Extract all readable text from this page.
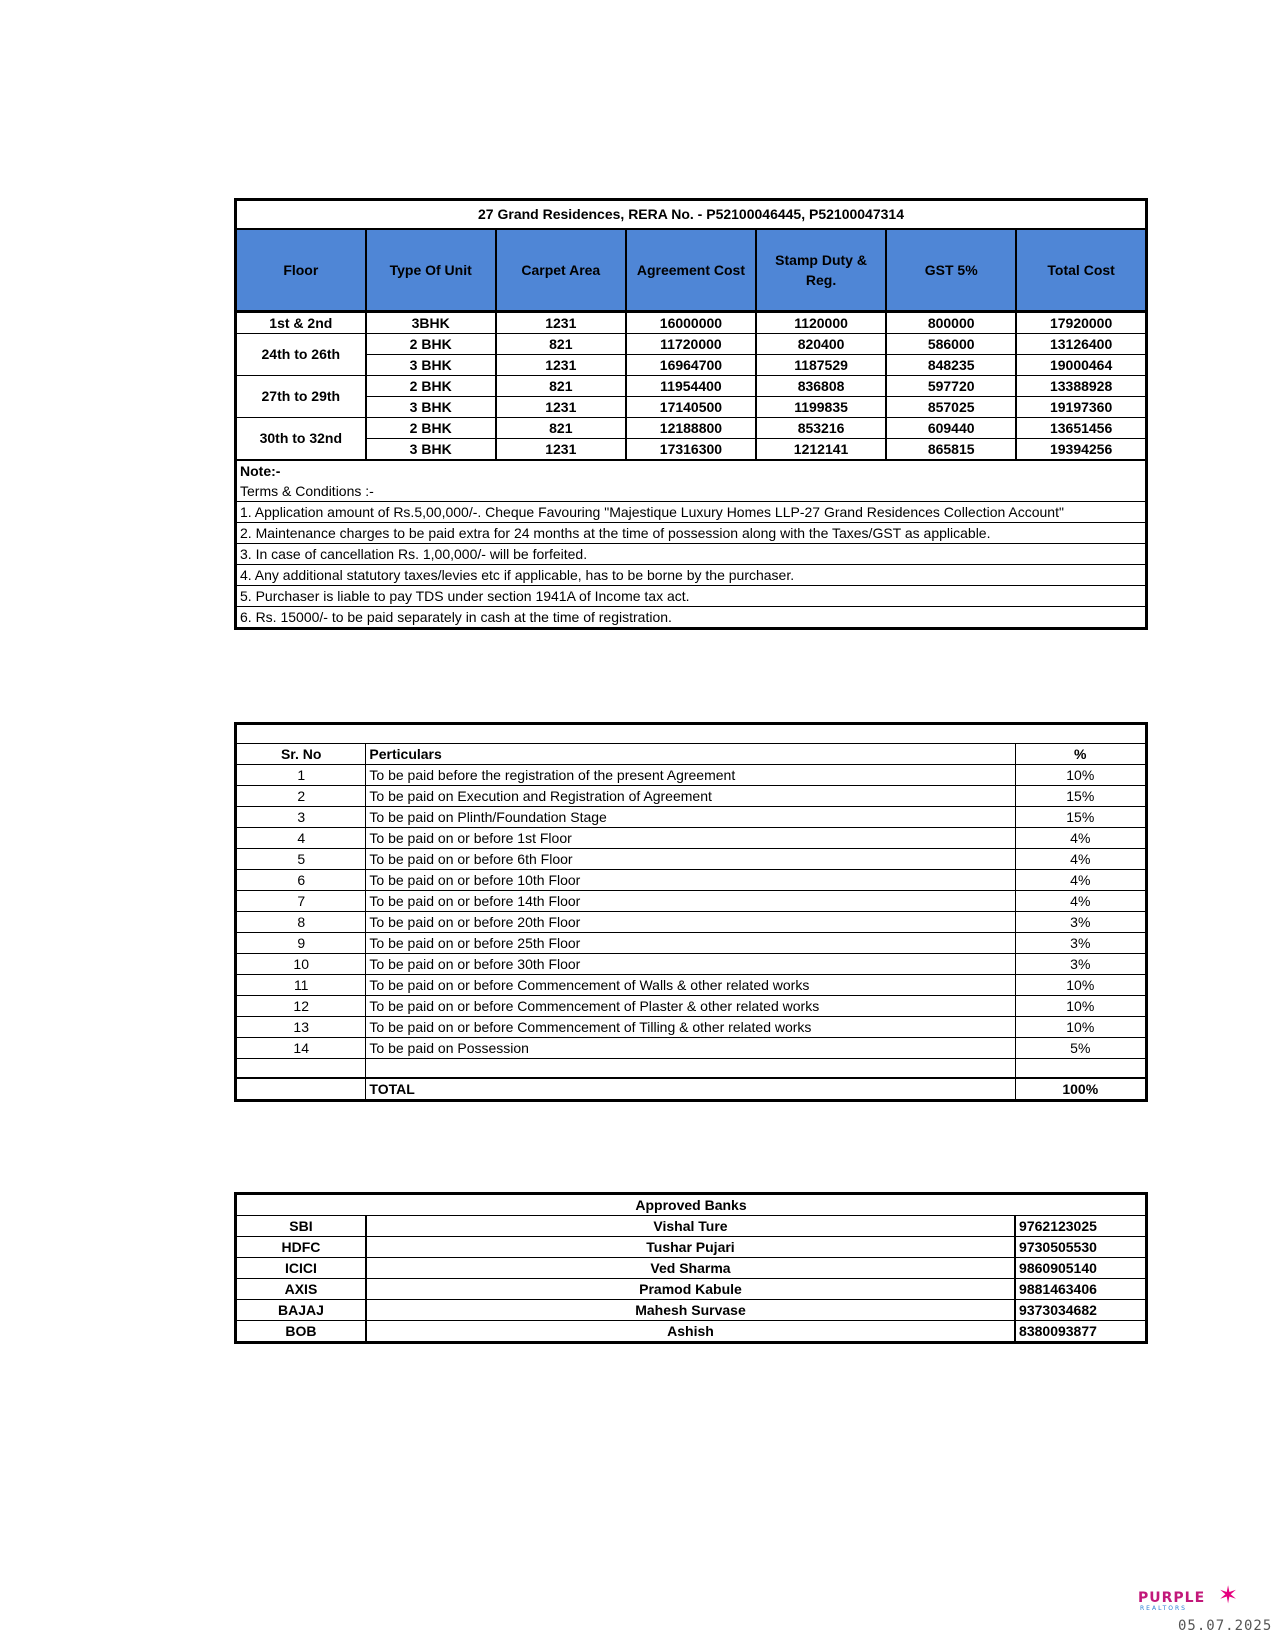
27 Grand Residences, RERA No. - P52100046445, P52100047314						
Floor	Type Of Unit	Carpet Area	Agreement Cost	Stamp Duty & Reg.	GST 5%	Total Cost
1st & 2nd	3BHK	1231	16000000	1120000	800000	17920000
24th to 26th	2 BHK	821	11720000	820400	586000	13126400
	3 BHK	1231	16964700	1187529	848235	19000464
27th to 29th	2 BHK	821	11954400	836808	597720	13388928
	3 BHK	1231	17140500	1199835	857025	19197360
30th to 32nd	2 BHK	821	12188800	853216	609440	13651456
	3 BHK	1231	17316300	1212141	865815	19394256
Note:-						
Terms & Conditions :-						
1. Application amount of Rs.5,00,000/-. Cheque Favouring "Majestique Luxury Homes LLP-27 Grand Residences Collection Account"						
2. Maintenance charges to be paid extra for 24 months at the time of possession along with the Taxes/GST as applicable.						
3. In case of cancellation Rs. 1,00,000/- will be forfeited.						
4. Any additional statutory taxes/levies etc if applicable, has to be borne by the purchaser.						
5. Purchaser is liable to pay TDS under section 1941A of Income tax act.						
6. Rs. 15000/- to be paid separately in cash at the time of registration.						

Sr. No	Perticulars	%
1	To be paid before the registration of the present Agreement	10%
2	To be paid on Execution and Registration of Agreement	15%
3	To be paid on Plinth/Foundation Stage	15%
4	To be paid on or before 1st Floor	4%
5	To be paid on or before 6th Floor	4%
6	To be paid on or before 10th Floor	4%
7	To be paid on or before 14th Floor	4%
8	To be paid on or before 20th Floor	3%
9	To be paid on or before 25th Floor	3%
10	To be paid on or before 30th Floor	3%
11	To be paid on or before Commencement of Walls & other related works	10%
12	To be paid on or before Commencement of Plaster & other related works	10%
13	To be paid on or before Commencement of Tilling & other related works	10%
14	To be paid on Possession	5%

	TOTAL	100%
Approved Banks		
SBI	Vishal Ture	9762123025
HDFC	Tushar Pujari	9730505530
ICICI	Ved Sharma	9860905140
AXIS	Pramod Kabule	9881463406
BAJAJ	Mahesh Survase	9373034682
BOB	Ashish	8380093877
PURPLE
REALTORS ✶
05.07.2025
